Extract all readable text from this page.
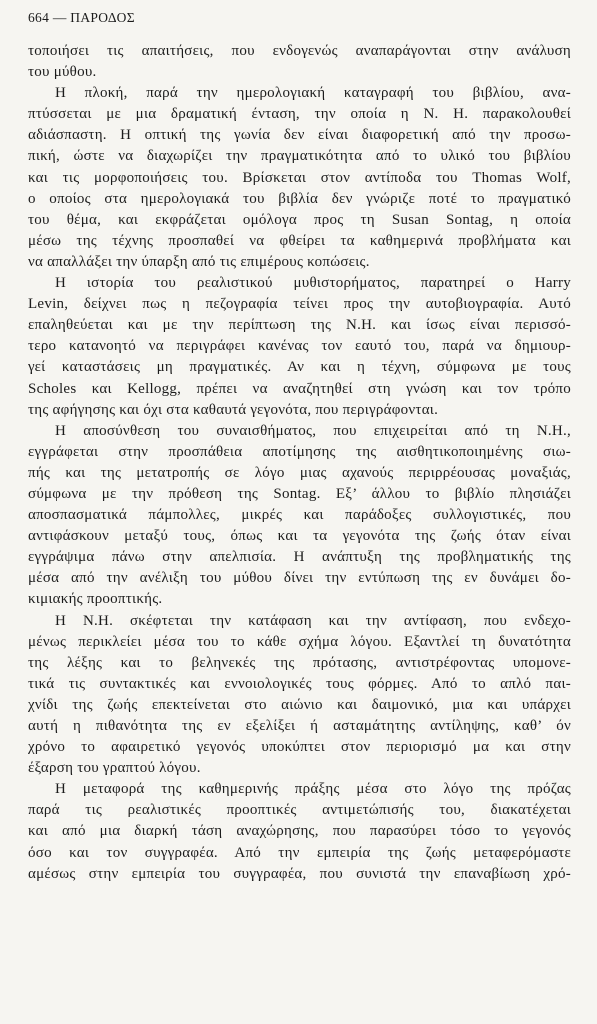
664 — ΠΑΡΟΔΟΣ
τοποιήσει τις απαιτήσεις, που ενδογενώς αναπαράγονται στην ανάλυση
του μύθου.
Η πλοκή, παρά την ημερολογιακή καταγραφή του βιβλίου, ανα-
πτύσσεται με μια δραματική ένταση, την οποία η Ν. Η. παρακολουθεί
αδιάσπαστη. Η οπτική της γωνία δεν είναι διαφορετική από την προσω-
πική, ώστε να διαχωρίζει την πραγματικότητα από το υλικό του βιβλίου
και τις μορφοποιήσεις του. Βρίσκεται στον αντίποδα του Thomas Wolf,
ο οποίος στα ημερολογιακά του βιβλία δεν γνώριζε ποτέ το πραγματικό
του θέμα, και εκφράζεται ομόλογα προς τη Susan Sontag, η οποία
μέσω της τέχνης προσπαθεί να φθείρει τα καθημερινά προβλήματα και
να απαλλάξει την ύπαρξη από τις επιμέρους κοπώσεις.
Η ιστορία του ρεαλιστικού μυθιστορήματος, παρατηρεί ο Harry
Levin, δείχνει πως η πεζογραφία τείνει προς την αυτοβιογραφία. Αυτό
επαληθεύεται και με την περίπτωση της Ν.Η. και ίσως είναι περισσό-
τερο κατανοητό να περιγράφει κανένας τον εαυτό του, παρά να δημιουρ-
γεί καταστάσεις μη πραγματικές. Αν και η τέχνη, σύμφωνα με τους
Scholes και Kellogg, πρέπει να αναζητηθεί στη γνώση και τον τρόπο
της αφήγησης και όχι στα καθαυτά γεγονότα, που περιγράφονται.
Η αποσύνθεση του συναισθήματος, που επιχειρείται από τη Ν.Η.,
εγγράφεται στην προσπάθεια αποτίμησης της αισθητικοποιημένης σιω-
πής και της μετατροπής σε λόγο μιας αχανούς περιρρέουσας μοναξιάς,
σύμφωνα με την πρόθεση της Sontag. Εξ’ άλλου το βιβλίο πλησιάζει
αποσπασματικά πάμπολλες, μικρές και παράδοξες συλλογιστικές, που
αντιφάσκουν μεταξύ τους, όπως και τα γεγονότα της ζωής όταν είναι
εγγράψιμα πάνω στην απελπισία. Η ανάπτυξη της προβληματικής της
μέσα από την ανέλιξη του μύθου δίνει την εντύπωση της εν δυνάμει δο-
κιμιακής προοπτικής.
Η Ν.Η. σκέφτεται την κατάφαση και την αντίφαση, που ενδεχο-
μένως περικλείει μέσα του το κάθε σχήμα λόγου. Εξαντλεί τη δυνατότητα
της λέξης και το βεληνεκές της πρότασης, αντιστρέφοντας υπομονε-
τικά τις συντακτικές και εννοιολογικές τους φόρμες. Από το απλό παι-
χνίδι της ζωής επεκτείνεται στο αιώνιο και δαιμονικό, μια και υπάρχει
αυτή η πιθανότητα της εν εξελίξει ή ασταμάτητης αντίληψης, καθ’ όν
χρόνο το αφαιρετικό γεγονός υποκύπτει στον περιορισμό μα και στην
έξαρση του γραπτού λόγου.
Η μεταφορά της καθημερινής πράξης μέσα στο λόγο της πρόζας
παρά τις ρεαλιστικές προοπτικές αντιμετώπισής του, διακατέχεται
και από μια διαρκή τάση αναχώρησης, που παρασύρει τόσο το γεγονός
όσο και τον συγγραφέα. Από την εμπειρία της ζωής μεταφερόμαστε
αμέσως στην εμπειρία του συγγραφέα, που συνιστά την επαναβίωση χρό-
